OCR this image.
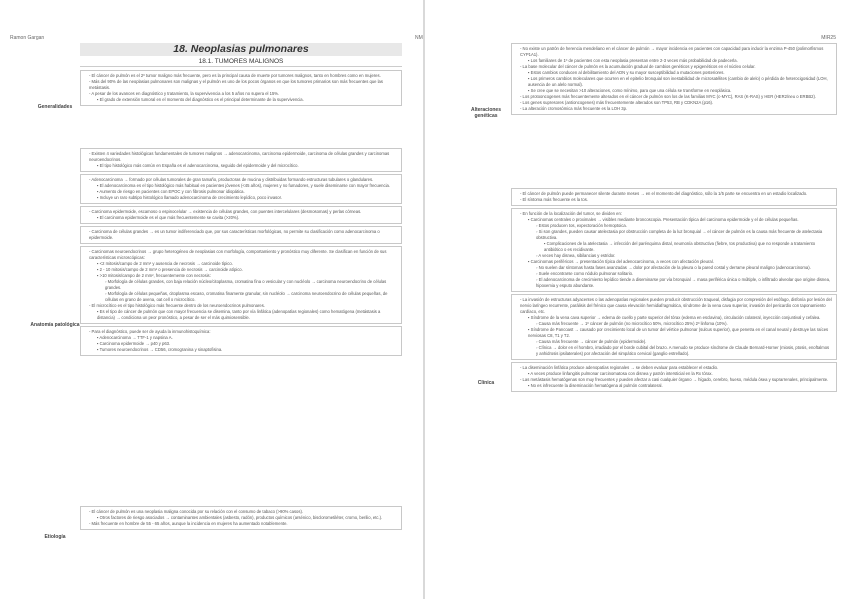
Ramon Gargan
18. Neoplasias pulmonares
18.1. TUMORES MALIGNOS
Generalidades

- El cáncer de pulmón es el 2º tumor maligno más frecuente, pero es la principal causa de muerte por tumores malignos, tanto en hombres como en mujeres.

- Más del 90% de las neoplasias pulmonares son malignas y el pulmón es uno de los pocos órganos en que los tumores primarios son más frecuentes que las metástasis.

- A pesar de los avances en diagnóstico y tratamiento, la supervivencia a los 5 años no supera el 15%.

▪ El grado de extensión tumoral en el momento del diagnóstico es el principal determinante de la supervivencia.

Anatomía patológica

- Existen 4 variedades histológicas fundamentales de tumores malignos → adenocarcinoma, carcinoma epidermoide, carcinoma de células grandes y carcinomas neuroendocrinos.

▪ El tipo histológico más común en España es el adenocarcinoma, seguido del epidermoide y del microcítico.

- Adenocarcinoma → formado por células tumorales de gran tamaño, productoras de mucina y distribuidas formando estructuras tubulares o glandulares.

▪ El adenocarcinoma es el tipo histológico más habitual en pacientes jóvenes (<45 años), mujeres y no fumadores, y suele diseminarse con mayor frecuencia.

▪ Aumento de riesgo en pacientes con EPOC y con fibrosis pulmonar idiopática.

▪ Incluye un raro subtipo histológico llamado adenocarcinoma de crecimiento lepídico, poco invasor.

- Carcinoma epidermoide, escamoso o espinocelular → existencia de células grandes, con puentes intercelulares (desmosomas) y perlas córneas.

▪ El carcinoma epidermoide es el que más frecuentemente se cavita (>20%).

- Carcinoma de células grandes → es un tumor indiferenciado que, por sus características morfológicas, no permite su clasificación como adenocarcinoma o epidermoide.

- Carcinomas neuroendocrinos → grupo heterogéneo de neoplasias con morfología, comportamiento y pronóstico muy diferente. Se clasifican en función de sus características microscópicas:

▪ <2 mitosis/campo de 2 mm² y ausencia de necrosis → carcinoide típico.

▪ 2 - 10 mitosis/campo de 2 mm² o presencia de necrosis → carcinoide atípico.

▪ >10 mitosis/campo de 2 mm², frecuentemente con necrosis:

◦ Morfología de células grandes, con baja relación núcleo/citoplasma, cromatina fina o vesicular y con nucléolo → carcinoma neuroendocrino de células grandes.

◦ Morfología de células pequeñas, citoplasma escaso, cromatina finamente granular, sin nucléolo → carcinoma neuroendocrino de células pequeñas, de células en grano de avena, oat cell o microcítico.

- El microcítico es el tipo histológico más frecuente dentro de los neuroendocrinos pulmonares.

▪ Es el tipo de cáncer de pulmón que con mayor frecuencia se disemina, tanto por vía linfática (adenopatías regionales) como hematógena (metástasis a distancia) → condiciona un peor pronóstico, a pesar de ser el más quimiosensible.

- Para el diagnóstico, puede ser de ayuda la inmunohistoquímica:

▪ Adenocarcinoma → TTF-1 y napsina A.

▪ Carcinoma epidermoide → p40 y p63.

▪ Tumores neuroendocrinos → CD56, cromogranina y sinaptofisina.

Etiología

- El cáncer de pulmón es una neoplasia maligna conocida por su relación con el consumo de tabaco (>90% casos).

▪ Otros factores de riesgo asociados → contaminantes ambientales (asbesto, radón), productos químicos (arsénico, bisclorometiléter, cromo, berilio, etc.).

- Más frecuente en hombre de 55 - 65 años, aunque la incidencia en mujeres ha aumentado notablemente.

NM	MIR25
Alteraciones genéticas

- No existe un patrón de herencia mendeliano en el cáncer de pulmón → mayor incidencia en pacientes con capacidad para inducir la enzima P-450 (polimorfismos CYP1A1).

▪ Los familiares de 1º de pacientes con esta neoplasia presentan entre 2-3 veces más probabilidad de padecerla.

- La base molecular del cáncer de pulmón es la acumulación gradual de cambios genéticos y epigenéticos en el núcleo celular.

▪ Estos cambios conducen al debilitamiento del ADN y su mayor susceptibilidad a mutaciones posteriores.

▪ Los primeros cambios moleculares que ocurren en el epitelio bronquial son inestabilidad de microsatélites (cambio de alelo) o pérdida de heterocigosidad (LOH, ausencia de un alelo normal).

▪ Se cree que se necesitan >10 alteraciones, como mínimo, para que una célula se transforme en neoplásica.

- Los protooncogenes más frecuentemente alterados en el cáncer de pulmón son los de las familias MYC (c-MYC), RAS (K-RAS) y HER (HER2/neu o ERBB2).

- Los genes supresores (antioncogenes) más frecuentemente alterados son TP53, RB y CDKN2A (p16).

- La alteración cromosómica más frecuente es la LOH 3p.

Clínica

- El cáncer de pulmón puede permanecer silente durante meses → en el momento del diagnóstico, sólo la 1/5 parte se encuentra en un estadio localizado.

- El síntoma más frecuente es la tos.

- En función de la localización del tumor, se dividen en:

▪ Carcinomas centrales o proximales → visibles mediante broncoscopia. Presentación típica del carcinoma epidermoide y el de células pequeñas.

◦ Estos producen tos, expectoración hemoptoica.

◦ Si son grandes, pueden causar atelectasia por obstrucción completa de la luz bronquial → el cáncer de pulmón es la causa más frecuente de atelectasia obstructiva.

▪ Complicaciones de la atelectasia → infección del parénquima distal, neumonía obstructiva (fiebre, tos productiva) que no responde a tratamiento antibiótico o es recidivante.

◦ A veces hay disnea, sibilancias y estridor.

▪ Carcinomas periféricos → presentación típica del adenocarcinoma, a veces con afectación pleural.

◦ No suelen dar síntomas hasta fases avanzadas → dolor por afectación de la pleura o la pared costal y derrame pleural maligno (adenocarcinoma).

◦ Suele encontrarse como nódulo pulmonar solitario.

◦ El adenocarcinoma de crecimiento lepídico tiende a diseminarse por vía bronquial → masa periférica única o múltiple, o infiltrado alveolar que origine disnea, hipoxemia y esputo abundante.

- La invasión de estructuras adyacentes o las adenopatías regionales pueden producir obstrucción traqueal, disfagia por compresión del esófago, disfonía por lesión del nervio laríngeo recurrente, parálisis del frénico que causa elevación hemidiafragmática, síndrome de la vena cava superior, invasión del pericardio con taponamiento cardíaco, etc.

▪ Síndrome de la vena cava superior → edema de cuello y parte superior del tórax (edema en esclavina), circulación colateral, inyección conjuntival y cefalea.

◦ Causa más frecuente → 1º cáncer de pulmón (no microcítico 50%, microcítico 25%) 2º linfoma (10%).

▪ Síndrome de Pancoast → causado por crecimiento local de un tumor del vértice pulmonar (sulcus superior), que penetra en el canal neural y destruye las raíces nerviosas C8, T1 y T2.

◦ Causa más frecuente → cáncer de pulmón (epidermoide).

◦ Clínica → dolor en el hombro, irradiado por el borde cubital del brazo. A menudo se produce síndrome de Claude Bernard-Horner (miosis, ptosis, enoftalmos y anhidrosis ipsilaterales) por afectación del simpático cervical (ganglio estrellado).

- La diseminación linfática produce adenopatías regionales → se deben evaluar para establecer el estadio.

▪ A veces produce linfangitis pulmonar carcinomatosa con disnea y patrón intersticial en la Rx tórax.

- Las metástasis hematógenas son muy frecuentes y pueden afectar a casi cualquier órgano → hígado, cerebro, hueso, médula ósea y suprarrenales, principalmente.

▪ No es infrecuente la diseminación hematógena al pulmón contralateral.
